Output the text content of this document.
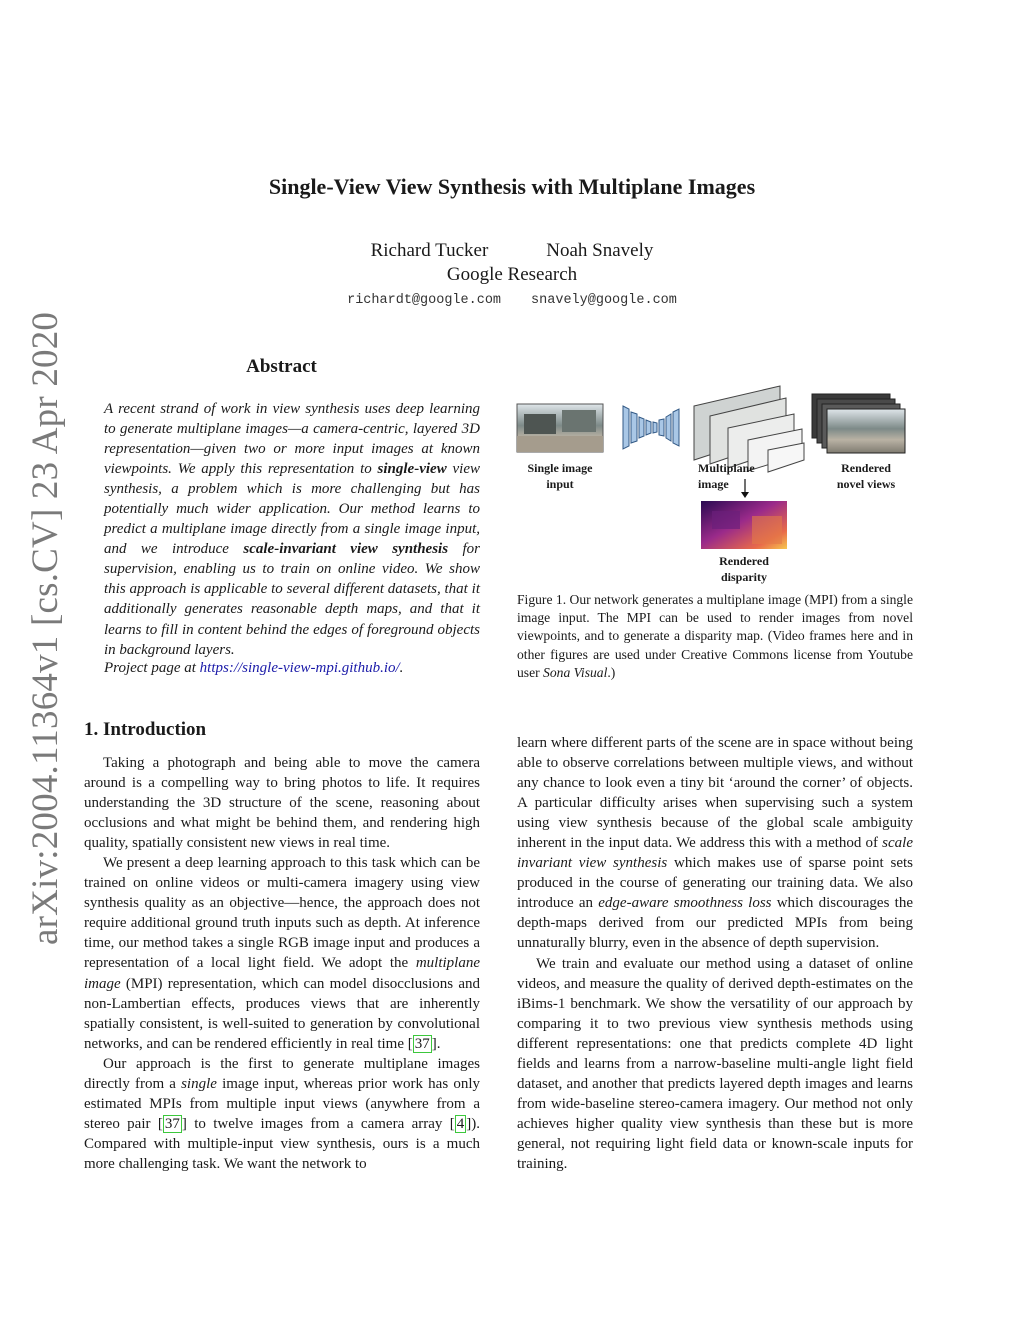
arXiv:2004.11364v1 [cs.CV] 23 Apr 2020
Single-View View Synthesis with Multiplane Images
Richard Tucker	Noah Snavely
Google Research
richardt@google.com snavely@google.com
Abstract
A recent strand of work in view synthesis uses deep learning to generate multiplane images—a camera-centric, layered 3D representation—given two or more input images at known viewpoints. We apply this representation to single-view view synthesis, a problem which is more challenging but has potentially much wider application. Our method learns to predict a multiplane image directly from a single image input, and we introduce scale-invariant view synthesis for supervision, enabling us to train on online video. We show this approach is applicable to several different datasets, that it additionally generates reasonable depth maps, and that it learns to fill in content behind the edges of foreground objects in background layers.
Project page at https://single-view-mpi.github.io/.
Single image
input
Multiplane
image
Rendered
novel views
Rendered
disparity
Figure 1. Our network generates a multiplane image (MPI) from a single image input. The MPI can be used to render images from novel viewpoints, and to generate a disparity map. (Video frames here and in other figures are used under Creative Commons license from Youtube user Sona Visual.)
1. Introduction

Taking a photograph and being able to move the camera around is a compelling way to bring photos to life. It requires understanding the 3D structure of the scene, reasoning about occlusions and what might be behind them, and rendering high quality, spatially consistent new views in real time.

We present a deep learning approach to this task which can be trained on online videos or multi-camera imagery using view synthesis quality as an objective—hence, the approach does not require additional ground truth inputs such as depth. At inference time, our method takes a single RGB image input and produces a representation of a local light field. We adopt the multiplane image (MPI) representation, which can model disocclusions and non-Lambertian effects, produces views that are inherently spatially consistent, is well-suited to generation by convolutional networks, and can be rendered efficiently in real time [ 37 ].

Our approach is the first to generate multiplane images directly from a single image input, whereas prior work has only estimated MPIs from multiple input views (anywhere from a stereo pair [ 37 ] to twelve images from a camera array [ 4 ]). Compared with multiple-input view synthesis, ours is a much more challenging task. We want the network to

learn where different parts of the scene are in space without being able to observe correlations between multiple views, and without any chance to look even a tiny bit ‘around the corner’ of objects. A particular difficulty arises when supervising such a system using view synthesis because of the global scale ambiguity inherent in the input data. We address this with a method of scale invariant view synthesis which makes use of sparse point sets produced in the course of generating our training data. We also introduce an edge-aware smoothness loss which discourages the depth-maps derived from our predicted MPIs from being unnaturally blurry, even in the absence of depth supervision.

We train and evaluate our method using a dataset of online videos, and measure the quality of derived depth-estimates on the iBims-1 benchmark. We show the versatility of our approach by comparing it to two previous view synthesis methods using different representations: one that predicts complete 4D light fields and learns from a narrow-baseline multi-angle light field dataset, and another that predicts layered depth images and learns from wide-baseline stereo-camera imagery. Our method not only achieves higher quality view synthesis than these but is more general, not requiring light field data or known-scale inputs for training.
